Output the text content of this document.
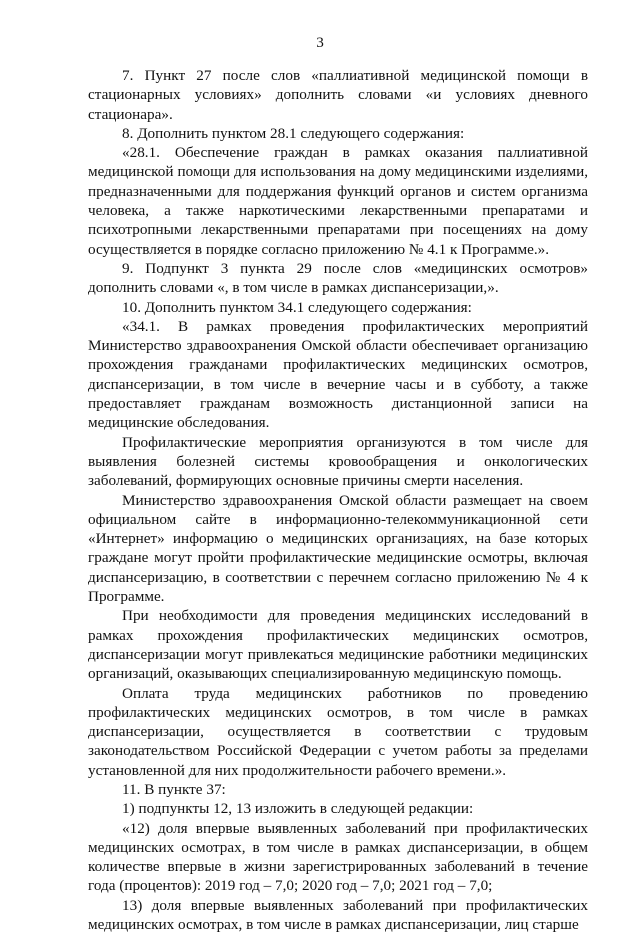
3

7. Пункт 27 после слов «паллиативной медицинской помощи в стационарных условиях» дополнить словами «и условиях дневного стационара».

8. Дополнить пунктом 28.1 следующего содержания:

«28.1. Обеспечение граждан в рамках оказания паллиативной медицинской помощи для использования на дому медицинскими изделиями, предназначенными для поддержания функций органов и систем организма человека, а также наркотическими лекарственными препаратами и психотропными лекарственными препаратами при посещениях на дому осуществляется в порядке согласно приложению № 4.1 к Программе.».

9. Подпункт 3 пункта 29 после слов «медицинских осмотров» дополнить словами «, в том числе в рамках диспансеризации,».

10. Дополнить пунктом 34.1 следующего содержания:

«34.1. В рамках проведения профилактических мероприятий Министерство здравоохранения Омской области обеспечивает организацию прохождения гражданами профилактических медицинских осмотров, диспансеризации, в том числе в вечерние часы и в субботу, а также предоставляет гражданам возможность дистанционной записи на медицинские обследования.

Профилактические мероприятия организуются в том числе для выявления болезней системы кровообращения и онкологических заболеваний, формирующих основные причины смерти населения.

Министерство здравоохранения Омской области размещает на своем официальном сайте в информационно-телекоммуникационной сети «Интернет» информацию о медицинских организациях, на базе которых граждане могут пройти профилактические медицинские осмотры, включая диспансеризацию, в соответствии с перечнем согласно приложению № 4 к Программе.

При необходимости для проведения медицинских исследований в рамках прохождения профилактических медицинских осмотров, диспансеризации могут привлекаться медицинские работники медицинских организаций, оказывающих специализированную медицинскую помощь.

Оплата труда медицинских работников по проведению профилактических медицинских осмотров, в том числе в рамках диспансеризации, осуществляется в соответствии с трудовым законодательством Российской Федерации с учетом работы за пределами установленной для них продолжительности рабочего времени.».

11. В пункте 37:

1) подпункты 12, 13 изложить в следующей редакции:

«12) доля впервые выявленных заболеваний при профилактических медицинских осмотрах, в том числе в рамках диспансеризации, в общем количестве впервые в жизни зарегистрированных заболеваний в течение года (процентов): 2019 год – 7,0; 2020 год – 7,0; 2021 год – 7,0;

13) доля впервые выявленных заболеваний при профилактических медицинских осмотрах, в том числе в рамках диспансеризации, лиц старше
